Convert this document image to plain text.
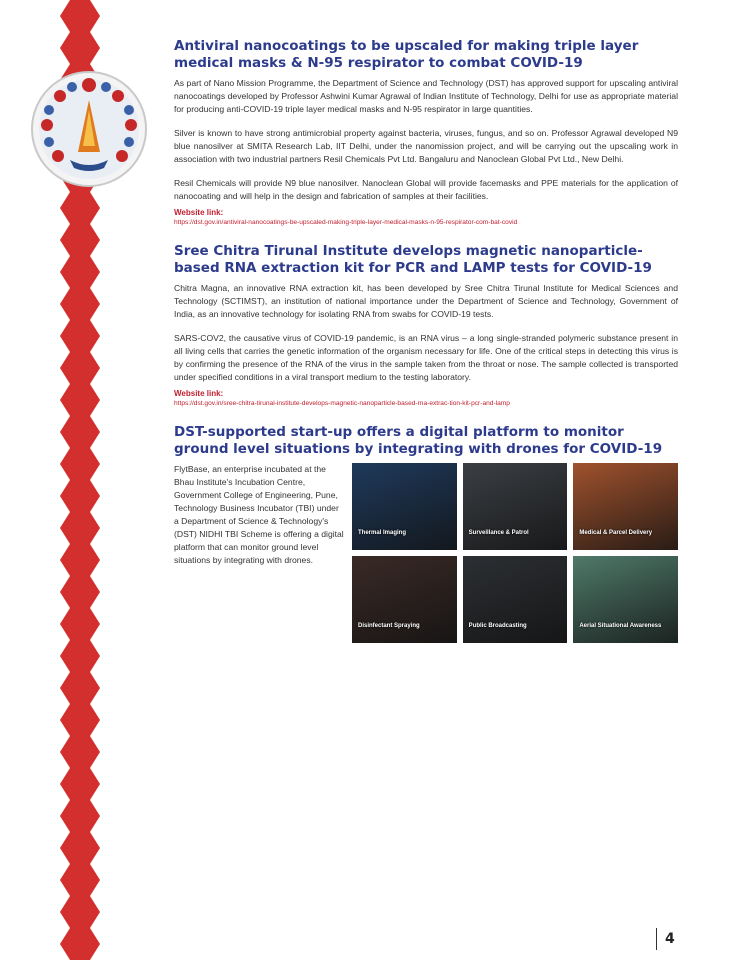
Antiviral nanocoatings to be upscaled for making triple layer medical masks & N-95 respirator to combat COVID-19

As part of Nano Mission Programme, the Department of Science and Technology (DST) has approved support for upscaling antiviral nanocoatings developed by Professor Ashwini Kumar Agrawal of Indian Institute of Technology, Delhi for use as appropriate material for producing anti-COVID-19 triple layer medical masks and N-95 respirator in large quantities.

Silver is known to have strong antimicrobial property against bacteria, viruses, fungus, and so on. Professor Agrawal developed N9 blue nanosilver at SMITA Research Lab, IIT Delhi, under the nanomission project, and will be carrying out the upscaling work in association with two industrial partners Resil Chemicals Pvt Ltd. Bangaluru and Nanoclean Global Pvt Ltd., New Delhi.

Resil Chemicals will provide N9 blue nanosilver. Nanoclean Global will provide facemasks and PPE materials for the application of nanocoating and will help in the design and fabrication of samples at their facilities.

Website link:

https://dst.gov.in/antiviral-nanocoatings-be-upscaled-making-triple-layer-medical-masks-n-95-respirator-com-bat-covid

Sree Chitra Tirunal Institute develops magnetic nanoparticle-based RNA extraction kit for PCR and LAMP tests for COVID-19

Chitra Magna, an innovative RNA extraction kit, has been developed by Sree Chitra Tirunal Institute for Medical Sciences and Technology (SCTIMST), an institution of national importance under the Department of Science and Technology, Government of India, as an innovative technology for isolating RNA from swabs for COVID-19 tests.

SARS-COV2, the causative virus of COVID-19 pandemic, is an RNA virus – a long single-stranded polymeric substance present in all living cells that carries the genetic information of the organism necessary for life. One of the critical steps in detecting this virus is by confirming the presence of the RNA of the virus in the sample taken from the throat or nose. The sample collected is transported under specified conditions in a viral transport medium to the testing laboratory.

Website link:

https://dst.gov.in/sree-chitra-tirunal-institute-develops-magnetic-nanoparticle-based-rna-extrac-tion-kit-pcr-and-lamp

DST-supported start-up offers a digital platform to monitor ground level situations by integrating with drones for COVID-19

FlytBase, an enterprise incubated at the Bhau Institute's Incubation Centre, Government College of Engineering, Pune, Technology Business Incubator (TBI) under a Department of Science & Technology's (DST) NIDHI TBI Scheme is offering a digital platform that can monitor ground level situations by integrating with drones.

Thermal Imaging	Surveillance & Patrol	Medical & Parcel Delivery
Disinfectant Spraying	Public Broadcasting	Aerial Situational Awareness
4
